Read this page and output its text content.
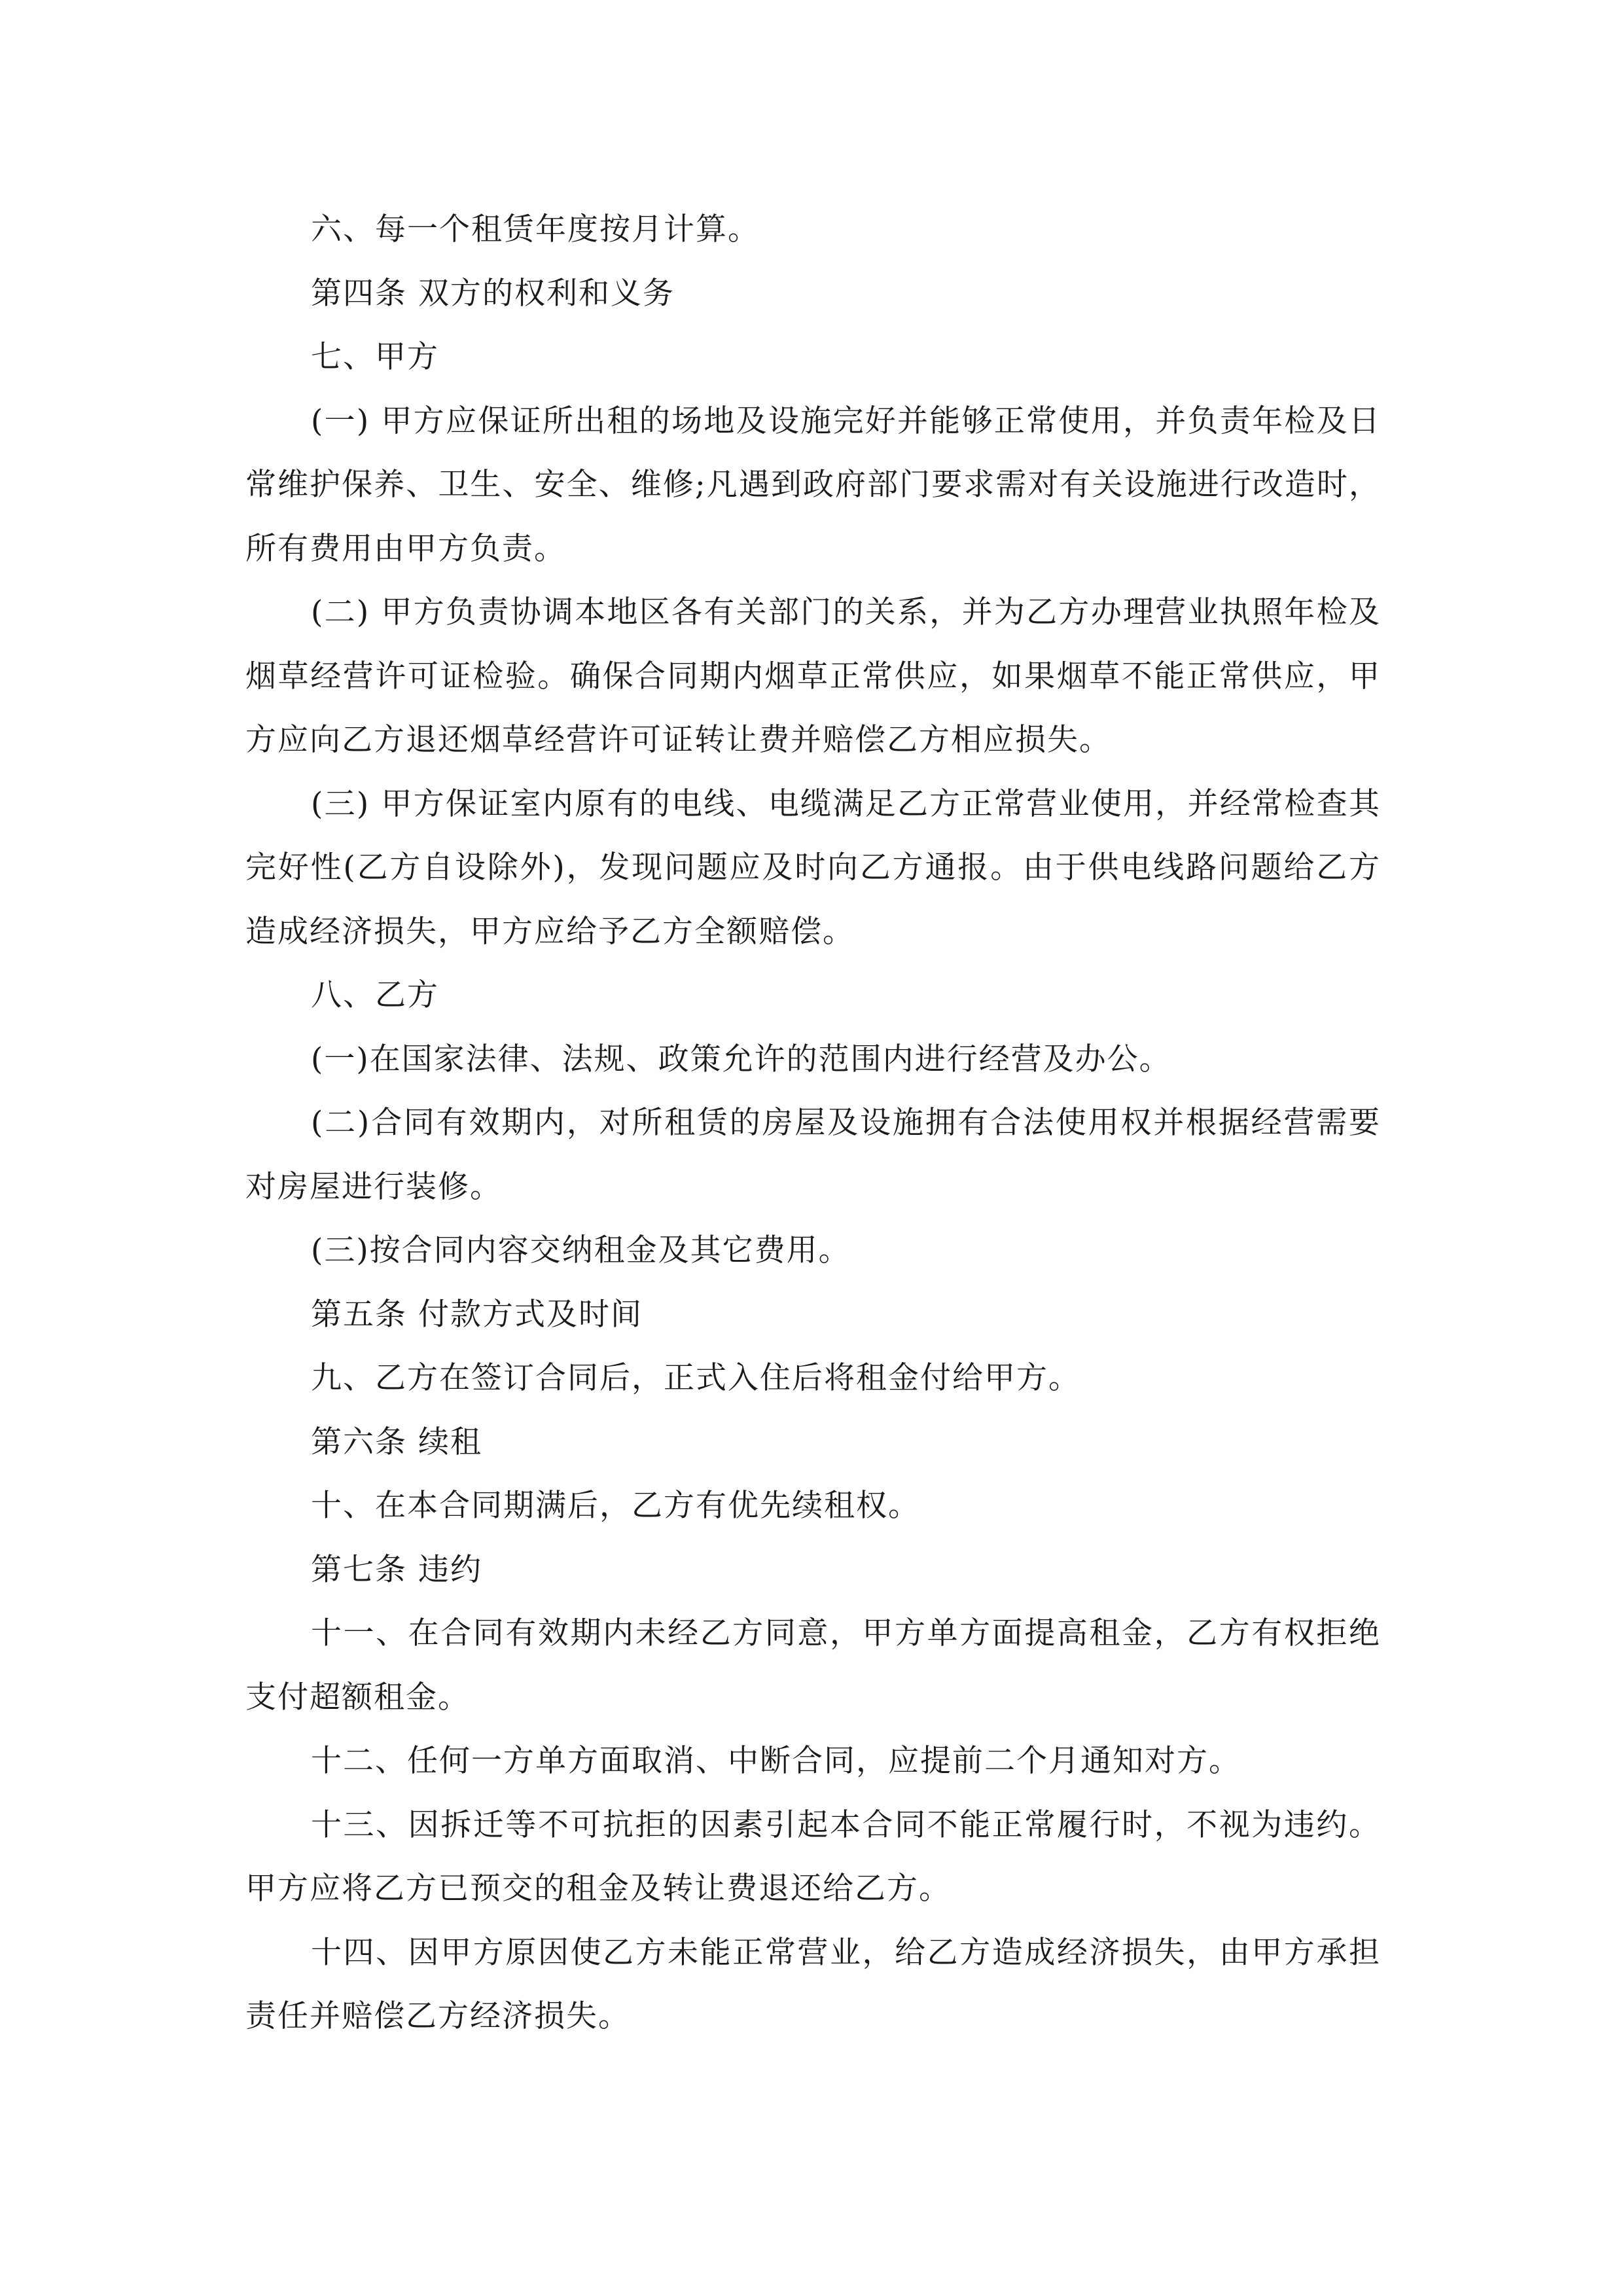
六、每一个租赁年度按月计算。

第四条 双方的权利和义务

七、甲方

(一) 甲方应保证所出租的场地及设施完好并能够正常使用，并负责年检及日常维护保养、卫生、安全、维修;凡遇到政府部门要求需对有关设施进行改造时，所有费用由甲方负责。

(二) 甲方负责协调本地区各有关部门的关系，并为乙方办理营业执照年检及烟草经营许可证检验。确保合同期内烟草正常供应，如果烟草不能正常供应，甲方应向乙方退还烟草经营许可证转让费并赔偿乙方相应损失。

(三) 甲方保证室内原有的电线、电缆满足乙方正常营业使用，并经常检查其完好性(乙方自设除外)，发现问题应及时向乙方通报。由于供电线路问题给乙方造成经济损失，甲方应给予乙方全额赔偿。

八、乙方

(一)在国家法律、法规、政策允许的范围内进行经营及办公。

(二)合同有效期内，对所租赁的房屋及设施拥有合法使用权并根据经营需要对房屋进行装修。

(三)按合同内容交纳租金及其它费用。

第五条 付款方式及时间

九、乙方在签订合同后，正式入住后将租金付给甲方。

第六条 续租

十、在本合同期满后，乙方有优先续租权。

第七条 违约

十一、在合同有效期内未经乙方同意，甲方单方面提高租金，乙方有权拒绝支付超额租金。

十二、任何一方单方面取消、中断合同，应提前二个月通知对方。

十三、因拆迁等不可抗拒的因素引起本合同不能正常履行时，不视为违约。甲方应将乙方已预交的租金及转让费退还给乙方。

十四、因甲方原因使乙方未能正常营业，给乙方造成经济损失，由甲方承担责任并赔偿乙方经济损失。
